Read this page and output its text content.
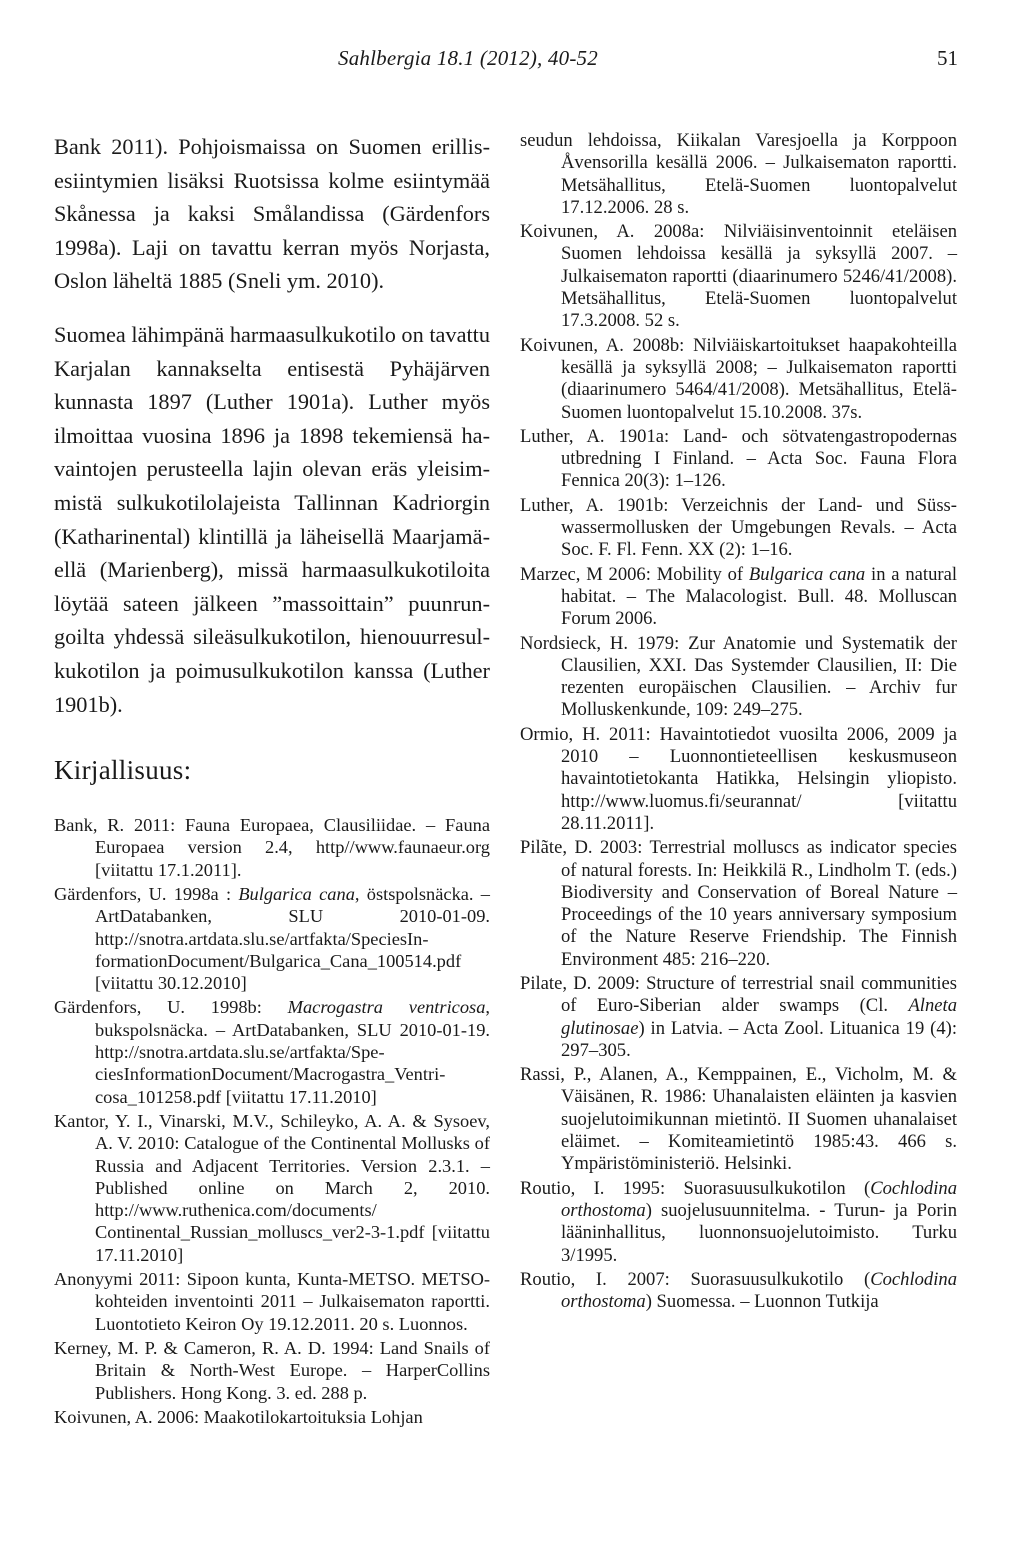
Sahlbergia 18.1 (2012), 40-52	51

Bank 2011). Pohjoismaissa on Suomen erillisesiintymien lisäksi Ruotsissa kolme esiintymää Skånessa ja kaksi Smålandissa (Gärdenfors 1998a). Laji on tavattu kerran myös Norjasta, Oslon läheltä 1885 (Sneli ym. 2010).

Suomea lähimpänä harmaasulkukotilo on tavattu Karjalan kannakselta entisestä Pyhäjärven kunnasta 1897 (Luther 1901a). Luther myös ilmoittaa vuosina 1896 ja 1898 tekemiensä havaintojen perusteella lajin olevan eräs yleisimmistä sulkukotilolajeista Tallinnan Kadriorgin (Katharinental) klintillä ja läheisellä Maarjamäellä (Marienberg), missä harmaasulkukotiloita löytää sateen jälkeen ”massoittain” puunrungoilta yhdessä sileäsulkukotilon, hienouurresulkukotilon ja poimusulkukotilon kanssa (Luther 1901b).

Kirjallisuus:

Bank, R. 2011: Fauna Europaea, Clausiliidae. – Fauna Europaea version 2.4, http//www.faunaeur.org [viitattu 17.1.2011].

Gärdenfors, U. 1998a : Bulgarica cana, östspolsnäcka. – ArtDatabanken, SLU 2010-01-09. http://snotra.artdata.slu.se/artfakta/SpeciesInformationDocument/Bulgarica_Cana_100514.pdf [viitattu 30.12.2010]

Gärdenfors, U. 1998b: Macrogastra ventricosa, bukspolsnäcka. – ArtDatabanken, SLU 2010-01-19. http://snotra.artdata.slu.se/artfakta/SpeciesInformationDocument/Macrogastra_Ventricosa_101258.pdf [viitattu 17.11.2010]

Kantor, Y. I., Vinarski, M.V., Schileyko, A. A. & Sysoev, A. V. 2010: Catalogue of the Continental Mollusks of Russia and Adjacent Territories. Version 2.3.1. – Published online on March 2, 2010. http://www.ruthenica.com/documents/ Continental_Russian_molluscs_ver2-3-1.pdf [viitattu 17.11.2010]

Anonyymi 2011: Sipoon kunta, Kunta-METSO. METSO-kohteiden inventointi 2011 – Julkaisematon raportti. Luontotieto Keiron Oy 19.12.2011. 20 s. Luonnos.

Kerney, M. P. & Cameron, R. A. D. 1994: Land Snails of Britain & North-West Europe. – HarperCollins Publishers. Hong Kong. 3. ed. 288 p.

Koivunen, A. 2006: Maakotilokartoituksia Lohjan

seudun lehdoissa, Kiikalan Varesjoella ja Korppoon Åvensorilla kesällä 2006. – Julkaisematon raportti. Metsähallitus, Etelä-Suomen luontopalvelut 17.12.2006. 28 s.

Koivunen, A. 2008a: Nilviäisinventoinnit eteläisen Suomen lehdoissa kesällä ja syksyllä 2007. – Julkaisematon raportti (diaarinumero 5246/41/2008). Metsähallitus, Etelä-Suomen luontopalvelut 17.3.2008. 52 s.

Koivunen, A. 2008b: Nilviäiskartoitukset haapakohteilla kesällä ja syksyllä 2008; – Julkaisematon raportti (diaarinumero 5464/41/2008). Metsähallitus, Etelä-Suomen luontopalvelut 15.10.2008. 37s.

Luther, A. 1901a: Land- och sötvatengastropodernas utbredning I Finland. – Acta Soc. Fauna Flora Fennica 20(3): 1–126.

Luther, A. 1901b: Verzeichnis der Land- und Süsswassermollusken der Umgebungen Revals. – Acta Soc. F. Fl. Fenn. XX (2): 1–16.

Marzec, M 2006: Mobility of Bulgarica cana in a natural habitat. – The Malacologist. Bull. 48. Molluscan Forum 2006.

Nordsieck, H. 1979: Zur Anatomie und Systematik der Clausilien, XXI. Das Systemder Clausilien, II: Die rezenten europäischen Clausilien. – Archiv fur Molluskenkunde, 109: 249–275.

Ormio, H. 2011: Havaintotiedot vuosilta 2006, 2009 ja 2010 – Luonnontieteellisen keskusmuseon havaintotietokanta Hatikka, Helsingin yliopisto. http://www.luomus.fi/seurannat/ [viitattu 28.11.2011].

Pilãte, D. 2003: Terrestrial molluscs as indicator species of natural forests. In: Heikkilä R., Lindholm T. (eds.) Biodiversity and Conservation of Boreal Nature – Proceedings of the 10 years anniversary symposium of the Nature Reserve Friendship. The Finnish Environment 485: 216–220.

Pilate, D. 2009: Structure of terrestrial snail communities of Euro-Siberian alder swamps (Cl. Alneta glutinosae) in Latvia. – Acta Zool. Lituanica 19 (4): 297–305.

Rassi, P., Alanen, A., Kemppainen, E., Vicholm, M. & Väisänen, R. 1986: Uhanalaisten eläinten ja kasvien suojelutoimikunnan mietintö. II Suomen uhanalaiset eläimet. – Komiteamietintö 1985:43. 466 s. Ympäristöministeriö. Helsinki.

Routio, I. 1995: Suorasuusulkukotilon (Cochlodina orthostoma) suojelusuunnitelma. - Turun- ja Porin lääninhallitus, luonnonsuojelutoimisto. Turku 3/1995.

Routio, I. 2007: Suorasuusulkukotilo (Cochlodina orthostoma) Suomessa. – Luonnon Tutkija
